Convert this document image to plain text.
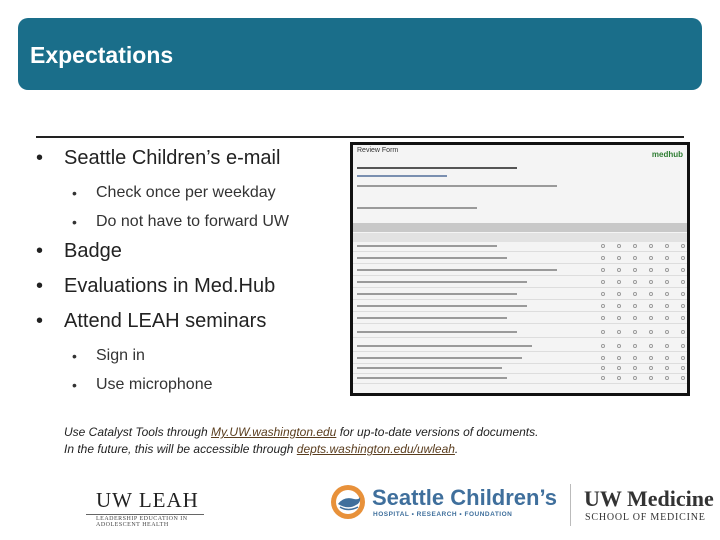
Expectations
• Seattle Children’s e-mail
• Check once per weekday
• Do not have to forward UW
• Badge
• Evaluations in Med.Hub
• Attend LEAH seminars
• Sign in
• Use microphone
Review Form	medhub
Use Catalyst Tools through My.UW.washington.edu for up-to-date versions of documents.
In the future, this will be accessible through depts.washington.edu/uwleah.
UW LEAH
LEADERSHIP EDUCATION IN
ADOLESCENT HEALTH
Seattle Children’s
HOSPITAL • RESEARCH • FOUNDATION
UW Medicine
SCHOOL OF MEDICINE
